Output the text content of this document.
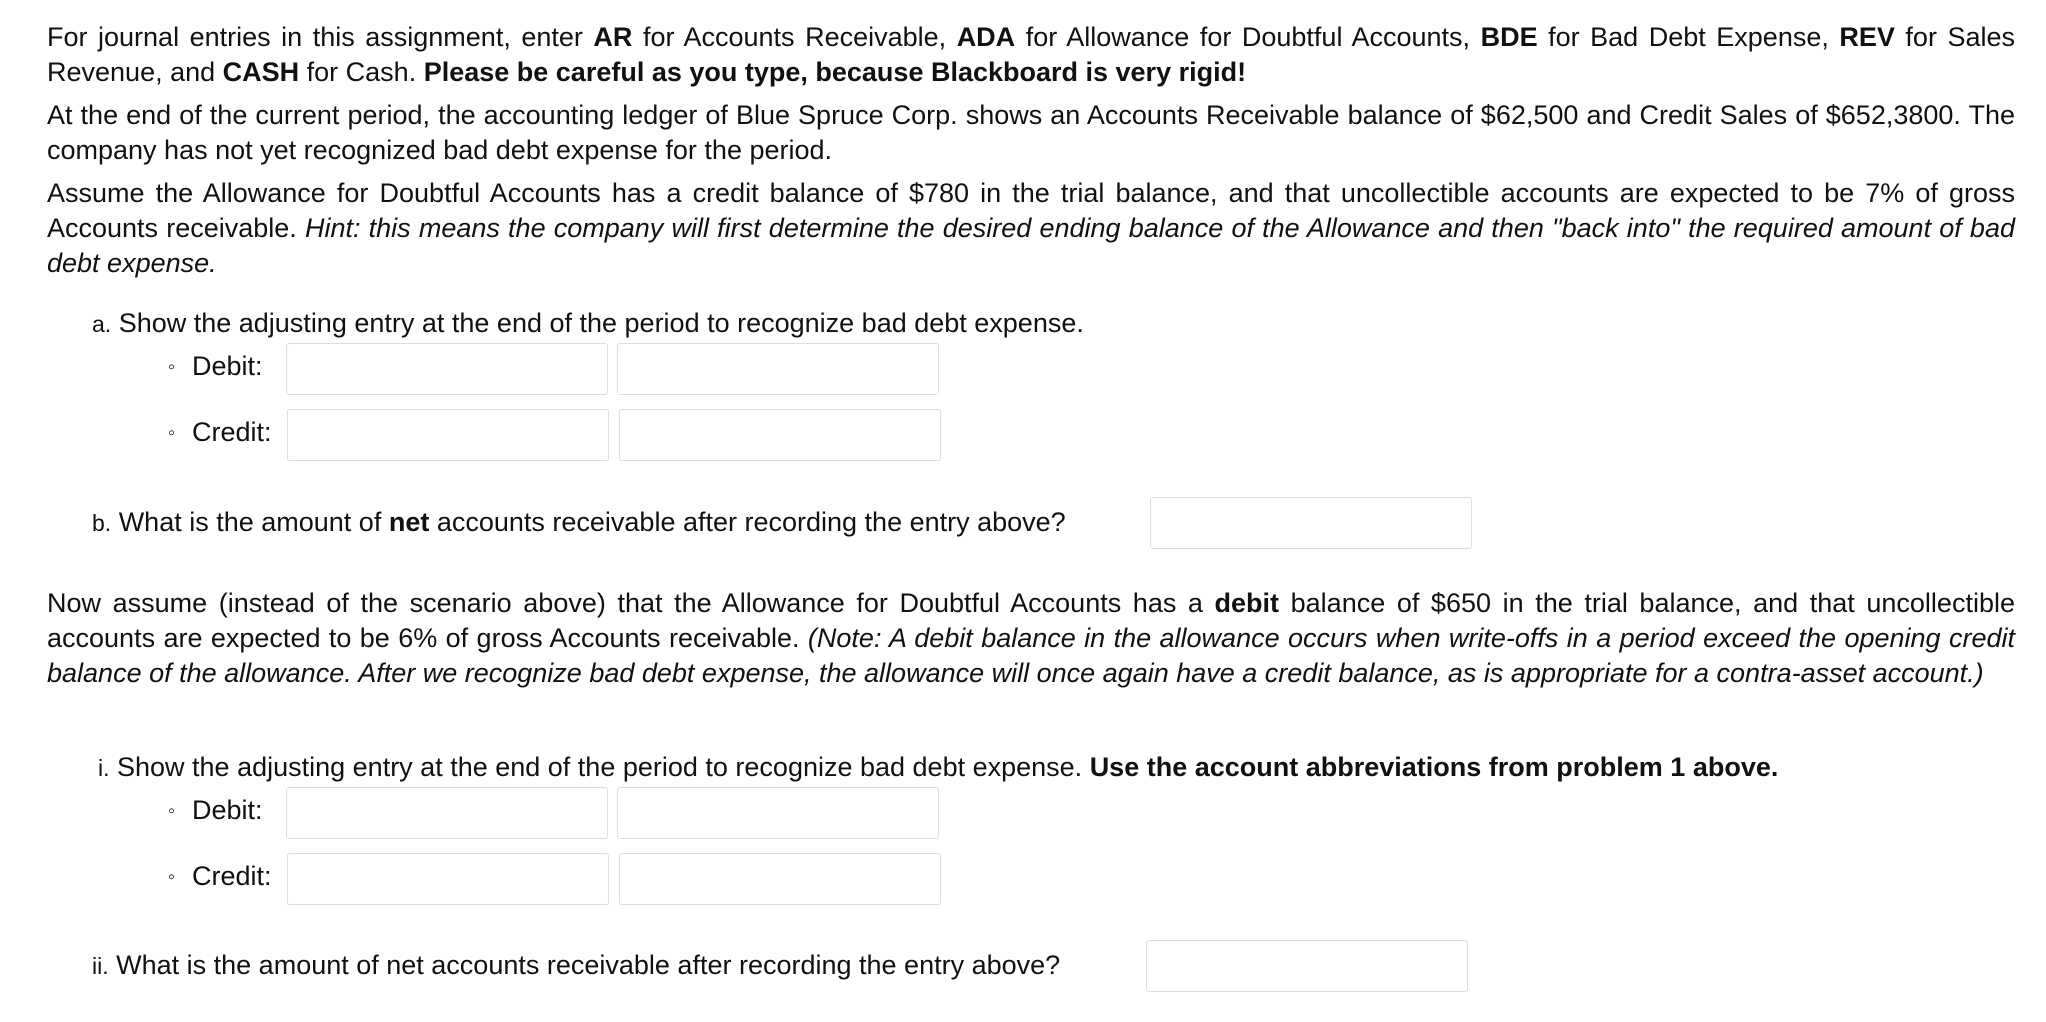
For journal entries in this assignment, enter AR for Accounts Receivable, ADA for Allowance for Doubtful Accounts, BDE for Bad Debt Expense, REV for Sales Revenue, and CASH for Cash. Please be careful as you type, because Blackboard is very rigid!

At the end of the current period, the accounting ledger of Blue Spruce Corp. shows an Accounts Receivable balance of $62,500 and Credit Sales of $652,3800. The company has not yet recognized bad debt expense for the period.

Assume the Allowance for Doubtful Accounts has a credit balance of $780 in the trial balance, and that uncollectible accounts are expected to be 7% of gross Accounts receivable. Hint: this means the company will first determine the desired ending balance of the Allowance and then "back into" the required amount of bad debt expense.

a. Show the adjusting entry at the end of the period to recognize bad debt expense.
◦ Debit:
◦ Credit:
b. What is the amount of net accounts receivable after recording the entry above?

Now assume (instead of the scenario above) that the Allowance for Doubtful Accounts has a debit balance of $650 in the trial balance, and that uncollectible accounts are expected to be 6% of gross Accounts receivable. (Note: A debit balance in the allowance occurs when write-offs in a period exceed the opening credit balance of the allowance. After we recognize bad debt expense, the allowance will once again have a credit balance, as is appropriate for a contra-asset account.)

i. Show the adjusting entry at the end of the period to recognize bad debt expense. Use the account abbreviations from problem 1 above.
◦ Debit:
◦ Credit:
ii. What is the amount of net accounts receivable after recording the entry above?
